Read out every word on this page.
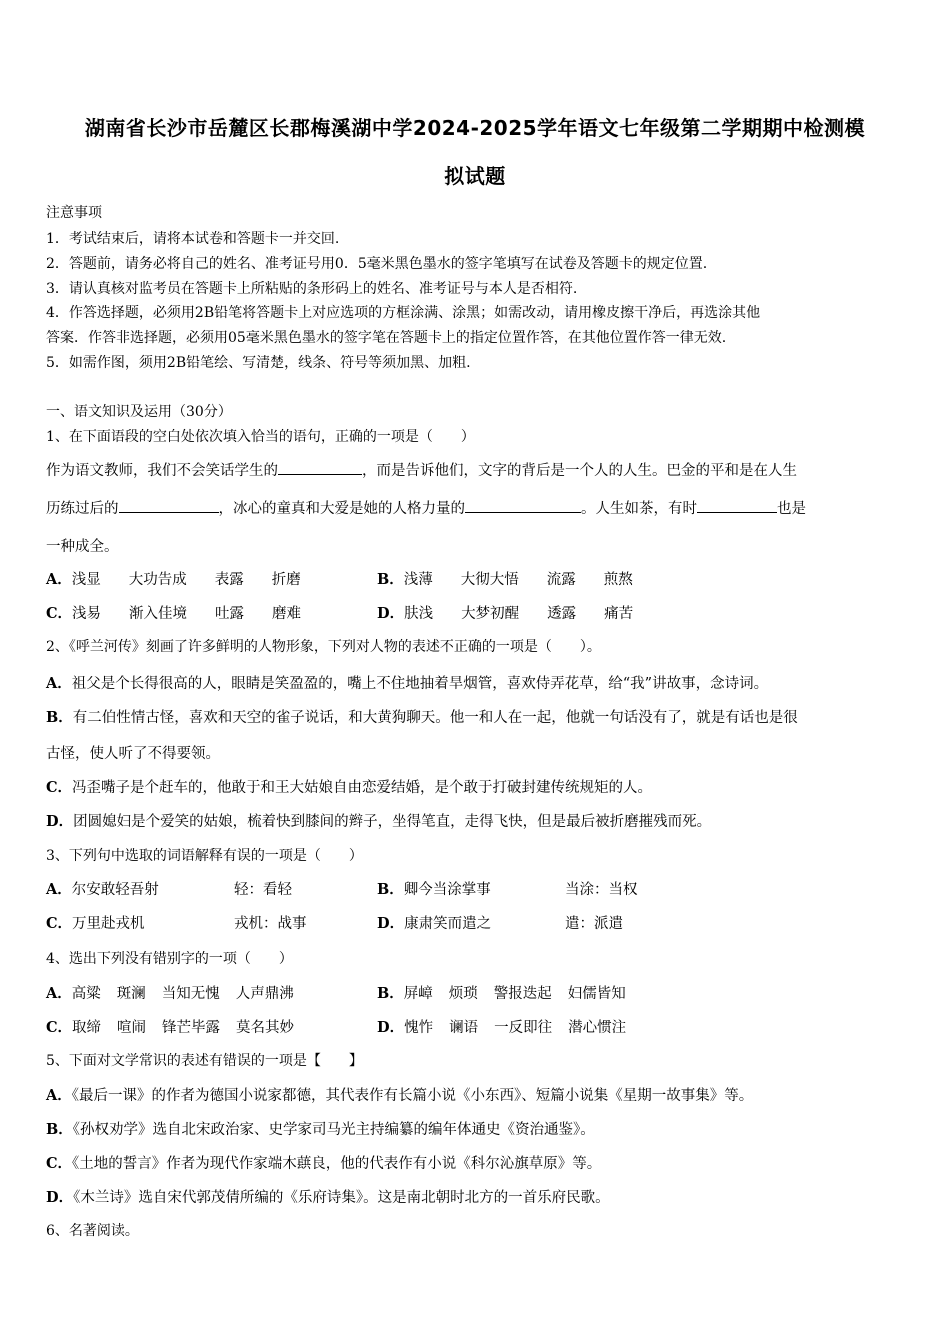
湖南省长沙市岳麓区长郡梅溪湖中学2024-2025学年语文七年级第二学期期中检测模
拟试题
注意事项
1．考试结束后，请将本试卷和答题卡一并交回.
2．答题前，请务必将自己的姓名、准考证号用0．5毫米黑色墨水的签字笔填写在试卷及答题卡的规定位置.
3．请认真核对监考员在答题卡上所粘贴的条形码上的姓名、准考证号与本人是否相符.
4．作答选择题，必须用2B铅笔将答题卡上对应选项的方框涂满、涂黑；如需改动，请用橡皮擦干净后，再选涂其他
答案．作答非选择题，必须用05毫米黑色墨水的签字笔在答题卡上的指定位置作答，在其他位置作答一律无效.
5．如需作图，须用2B铅笔绘、写清楚，线条、符号等须加黑、加粗.
一、语文知识及运用（30分）
1、在下面语段的空白处依次填入恰当的语句，正确的一项是（　　）
作为语文教师，我们不会笑话学生的	，而是告诉他们，文字的背后是一个人的人生。巴金的平和是在人生
历练过后的	，冰心的童真和大爱是她的人格力量的	。人生如茶，有时	也是
一种成全。
A．浅显 大功告成 表露 折磨	B．浅薄 大彻大悟 流露 煎熬
C．浅易 渐入佳境 吐露 磨难	D．肤浅 大梦初醒 透露 痛苦
2、《呼兰河传》刻画了许多鲜明的人物形象，下列对人物的表述不正确的一项是（　　）。
A．祖父是个长得很高的人，眼睛是笑盈盈的，嘴上不住地抽着旱烟管，喜欢侍弄花草，给“我”讲故事，念诗词。
B．有二伯性情古怪，喜欢和天空的雀子说话，和大黄狗聊天。他一和人在一起，他就一句话没有了，就是有话也是很
古怪，使人听了不得要领。
C．冯歪嘴子是个赶车的，他敢于和王大姑娘自由恋爱结婚，是个敢于打破封建传统规矩的人。
D．团圆媳妇是个爱笑的姑娘，梳着快到膝间的辫子，坐得笔直，走得飞快，但是最后被折磨摧残而死。
3、下列句中选取的词语解释有误的一项是（　　）
A．尔安敢轻吾射	轻：看轻	B．卿今当涂掌事	当涂：当权
C．万里赴戎机	戎机：战事	D．康肃笑而遣之	遣：派遣
4、选出下列没有错别字的一项（　　）
A．高粱 斑澜 当知无愧 人声鼎沸	B．屏嶂 烦琐 警报迭起 妇儒皆知
C．取缔 喧闹 锋芒毕露 莫名其妙	D．愧怍 谰语 一反即往 潜心惯注
5、下面对文学常识的表述有错误的一项是【　　】
A．《最后一课》的作者为德国小说家都德，其代表作有长篇小说《小东西》、短篇小说集《星期一故事集》等。
B．《孙权劝学》选自北宋政治家、史学家司马光主持编纂的编年体通史《资治通鉴》。
C．《土地的誓言》作者为现代作家端木蕻良，他的代表作有小说《科尔沁旗草原》等。
D．《木兰诗》选自宋代郭茂倩所编的《乐府诗集》。这是南北朝时北方的一首乐府民歌。
6、名著阅读。
